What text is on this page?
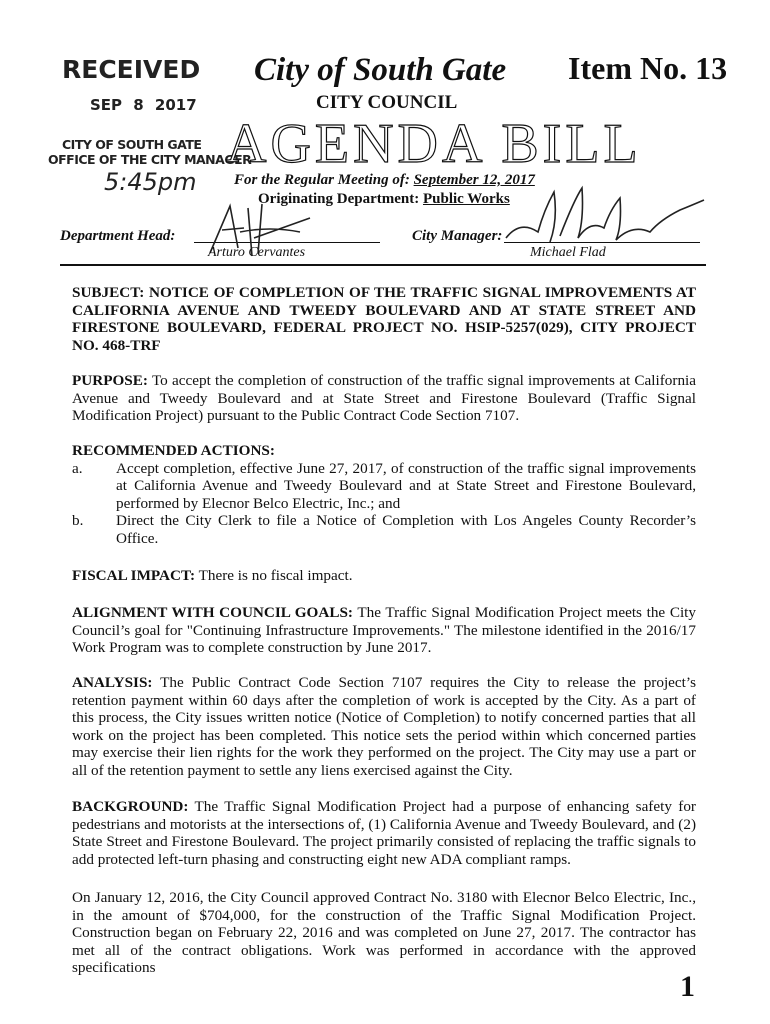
RECEIVED
SEP 8 2017
CITY OF SOUTH GATE
OFFICE OF THE CITY MANAGER
5:45pm
City of South Gate Item No. 13
CITY COUNCIL
AGENDA BILL
For the Regular Meeting of: September 12, 2017
Originating Department: Public Works
Department Head:
Arturo Cervantes
City Manager:
Michael Flad
SUBJECT: NOTICE OF COMPLETION OF THE TRAFFIC SIGNAL IMPROVEMENTS AT CALIFORNIA AVENUE AND TWEEDY BOULEVARD AND AT STATE STREET AND FIRESTONE BOULEVARD, FEDERAL PROJECT NO. HSIP-5257(029), CITY PROJECT NO. 468-TRF
PURPOSE: To accept the completion of construction of the traffic signal improvements at California Avenue and Tweedy Boulevard and at State Street and Firestone Boulevard (Traffic Signal Modification Project) pursuant to the Public Contract Code Section 7107.
RECOMMENDED ACTIONS:
a.	Accept completion, effective June 27, 2017, of construction of the traffic signal improvements at California Avenue and Tweedy Boulevard and at State Street and Firestone Boulevard, performed by Elecnor Belco Electric, Inc.; and
b.	Direct the City Clerk to file a Notice of Completion with Los Angeles County Recorder’s Office.
FISCAL IMPACT: There is no fiscal impact.
ALIGNMENT WITH COUNCIL GOALS: The Traffic Signal Modification Project meets the City Council’s goal for "Continuing Infrastructure Improvements." The milestone identified in the 2016/17 Work Program was to complete construction by June 2017.
ANALYSIS: The Public Contract Code Section 7107 requires the City to release the project’s retention payment within 60 days after the completion of work is accepted by the City. As a part of this process, the City issues written notice (Notice of Completion) to notify concerned parties that all work on the project has been completed. This notice sets the period within which concerned parties may exercise their lien rights for the work they performed on the project. The City may use a part or all of the retention payment to settle any liens exercised against the City.
BACKGROUND: The Traffic Signal Modification Project had a purpose of enhancing safety for pedestrians and motorists at the intersections of, (1) California Avenue and Tweedy Boulevard, and (2) State Street and Firestone Boulevard. The project primarily consisted of replacing the traffic signals to add protected left-turn phasing and constructing eight new ADA compliant ramps.
On January 12, 2016, the City Council approved Contract No. 3180 with Elecnor Belco Electric, Inc., in the amount of $704,000, for the construction of the Traffic Signal Modification Project. Construction began on February 22, 2016 and was completed on June 27, 2017. The contractor has met all of the contract obligations. Work was performed in accordance with the approved specifications
1
